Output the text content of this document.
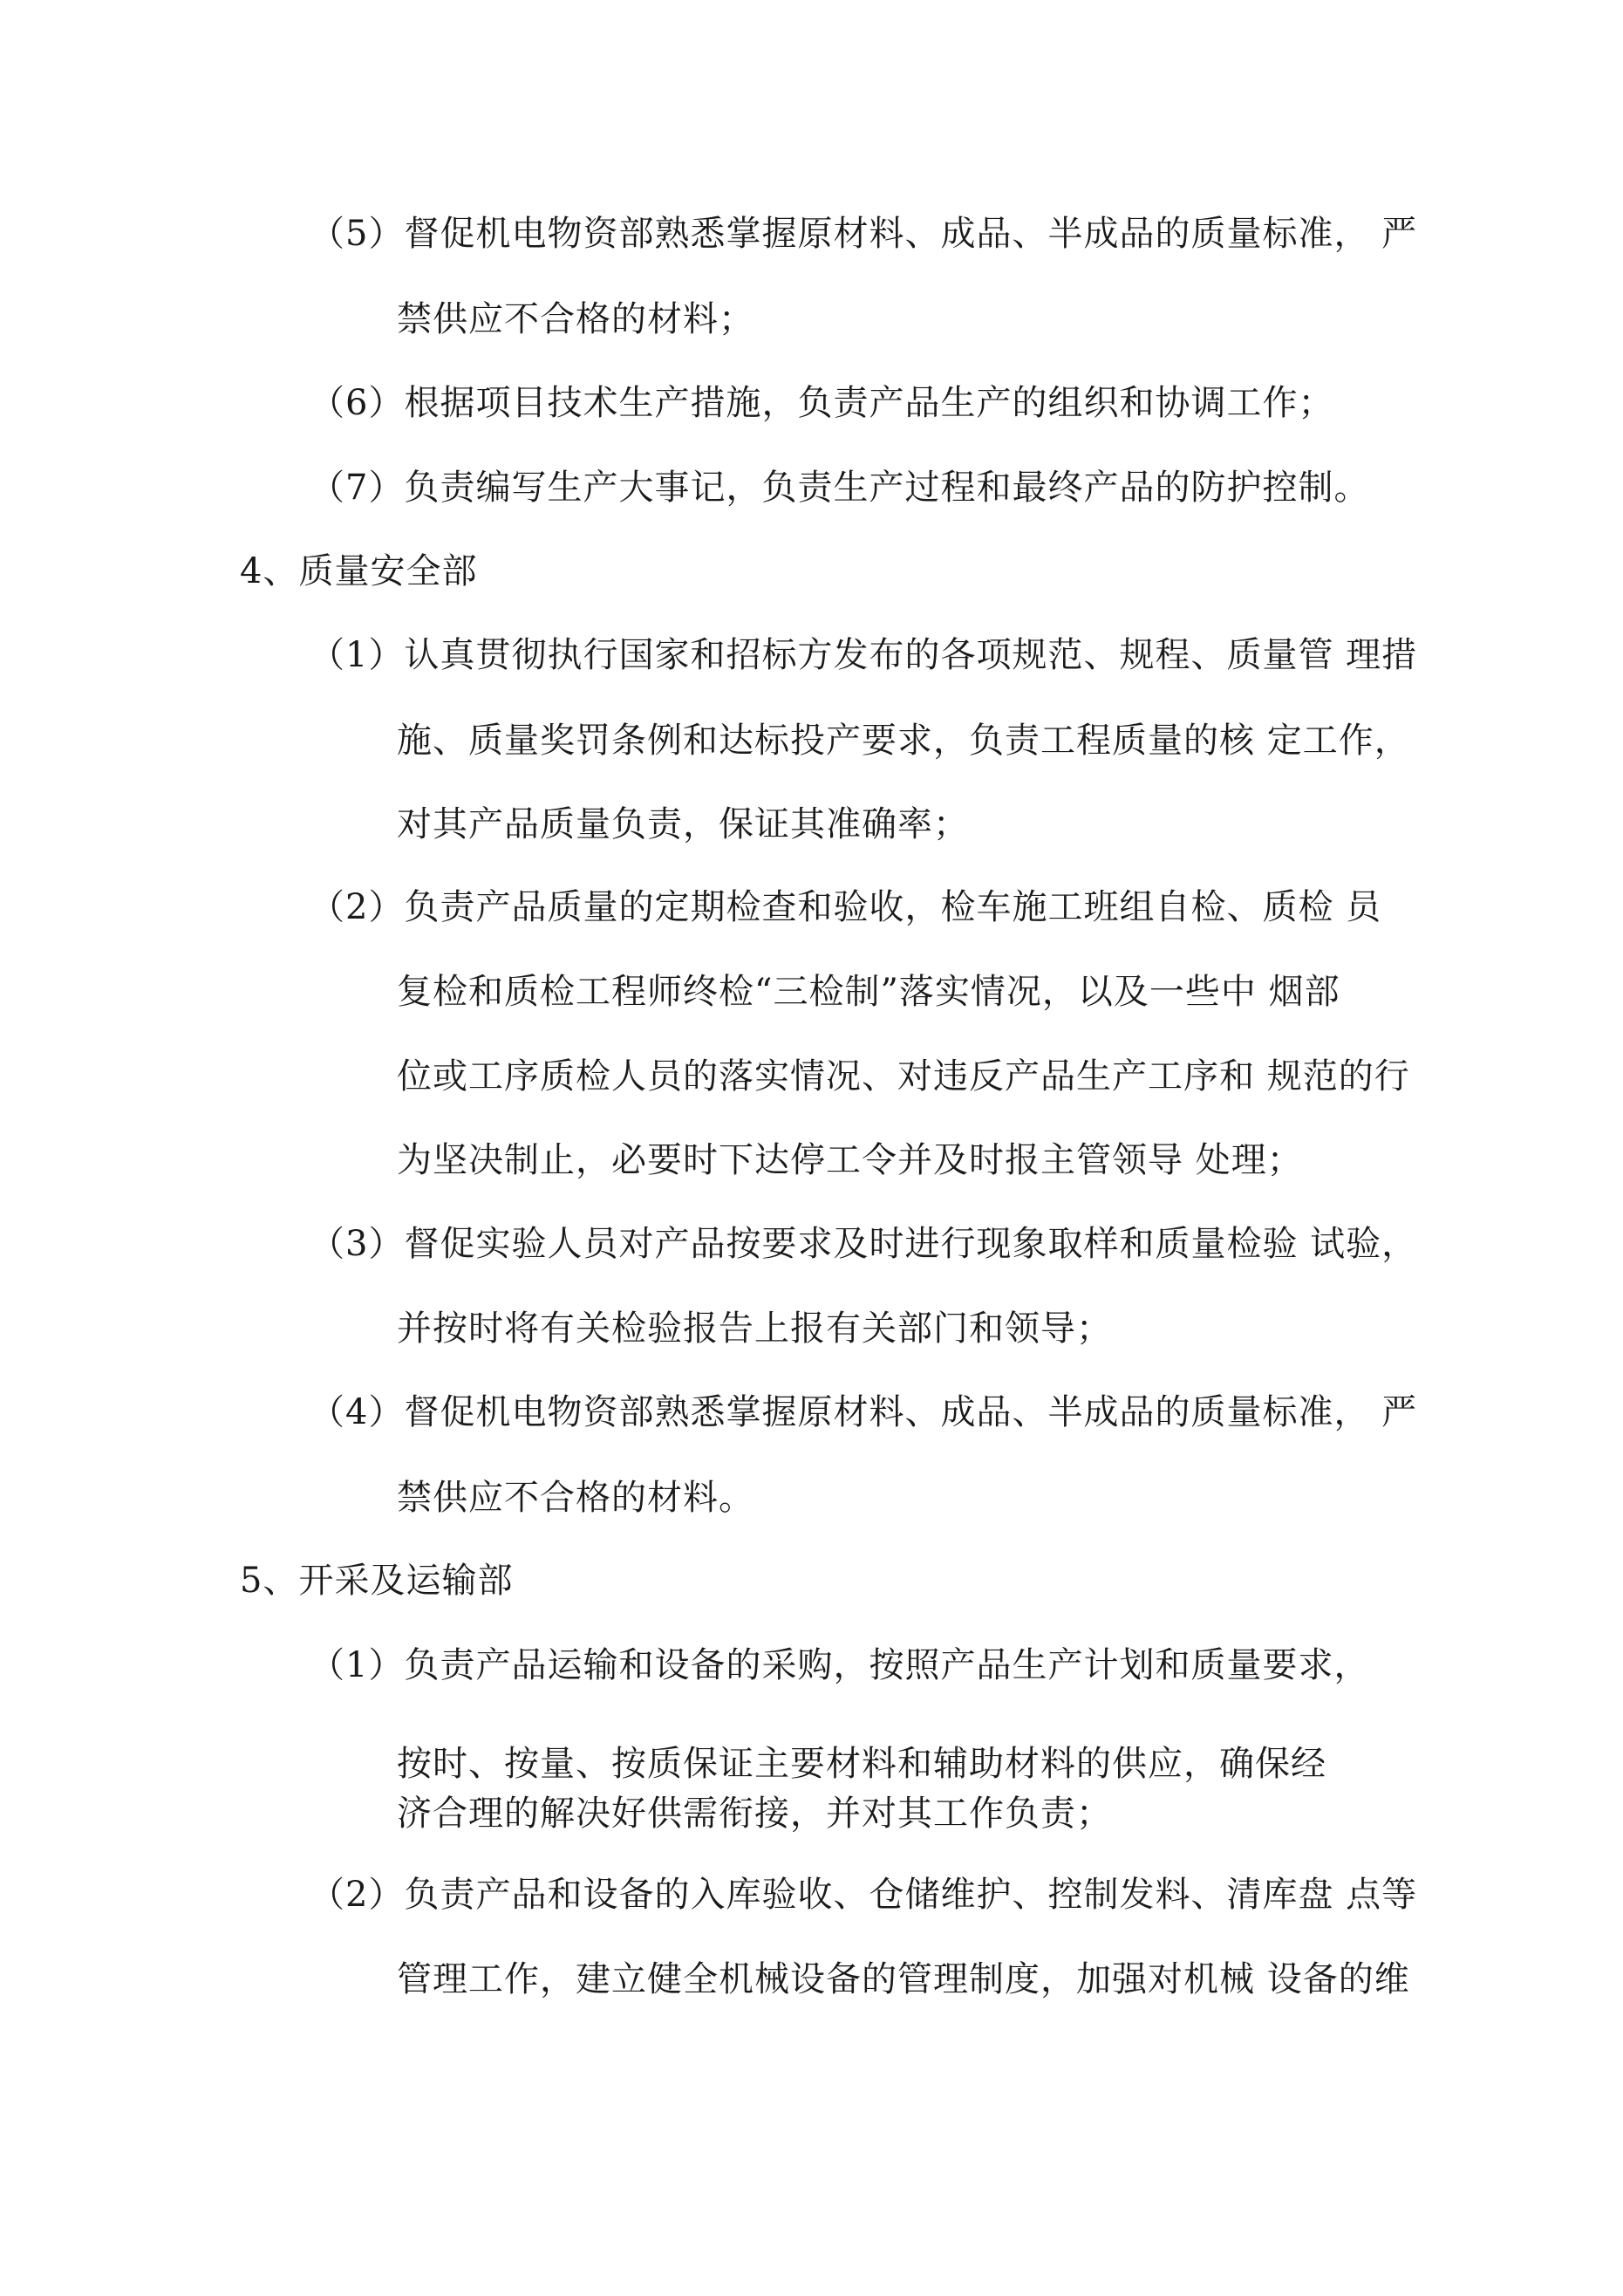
（5）督促机电物资部熟悉掌握原材料、成品、半成品的质量标准， 严
禁供应不合格的材料；
（6）根据项目技术生产措施，负责产品生产的组织和协调工作；
（7）负责编写生产大事记，负责生产过程和最终产品的防护控制。
4、质量安全部
（1）认真贯彻执行国家和招标方发布的各项规范、规程、质量管 理措
施、质量奖罚条例和达标投产要求，负责工程质量的核 定工作，
对其产品质量负责，保证其准确率；
（2）负责产品质量的定期检查和验收，检车施工班组自检、质检 员
复检和质检工程师终检“三检制”落实情况，以及一些中 烟部
位或工序质检人员的落实情况、对违反产品生产工序和 规范的行
为坚决制止，必要时下达停工令并及时报主管领导 处理；
（3）督促实验人员对产品按要求及时进行现象取样和质量检验 试验，
并按时将有关检验报告上报有关部门和领导；
（4）督促机电物资部熟悉掌握原材料、成品、半成品的质量标准， 严
禁供应不合格的材料。
5、开采及运输部
（1）负责产品运输和设备的采购，按照产品生产计划和质量要求，
按时、按量、按质保证主要材料和辅助材料的供应，确保经
济合理的解决好供需衔接，并对其工作负责；
（2）负责产品和设备的入库验收、仓储维护、控制发料、清库盘 点等
管理工作，建立健全机械设备的管理制度，加强对机械 设备的维
